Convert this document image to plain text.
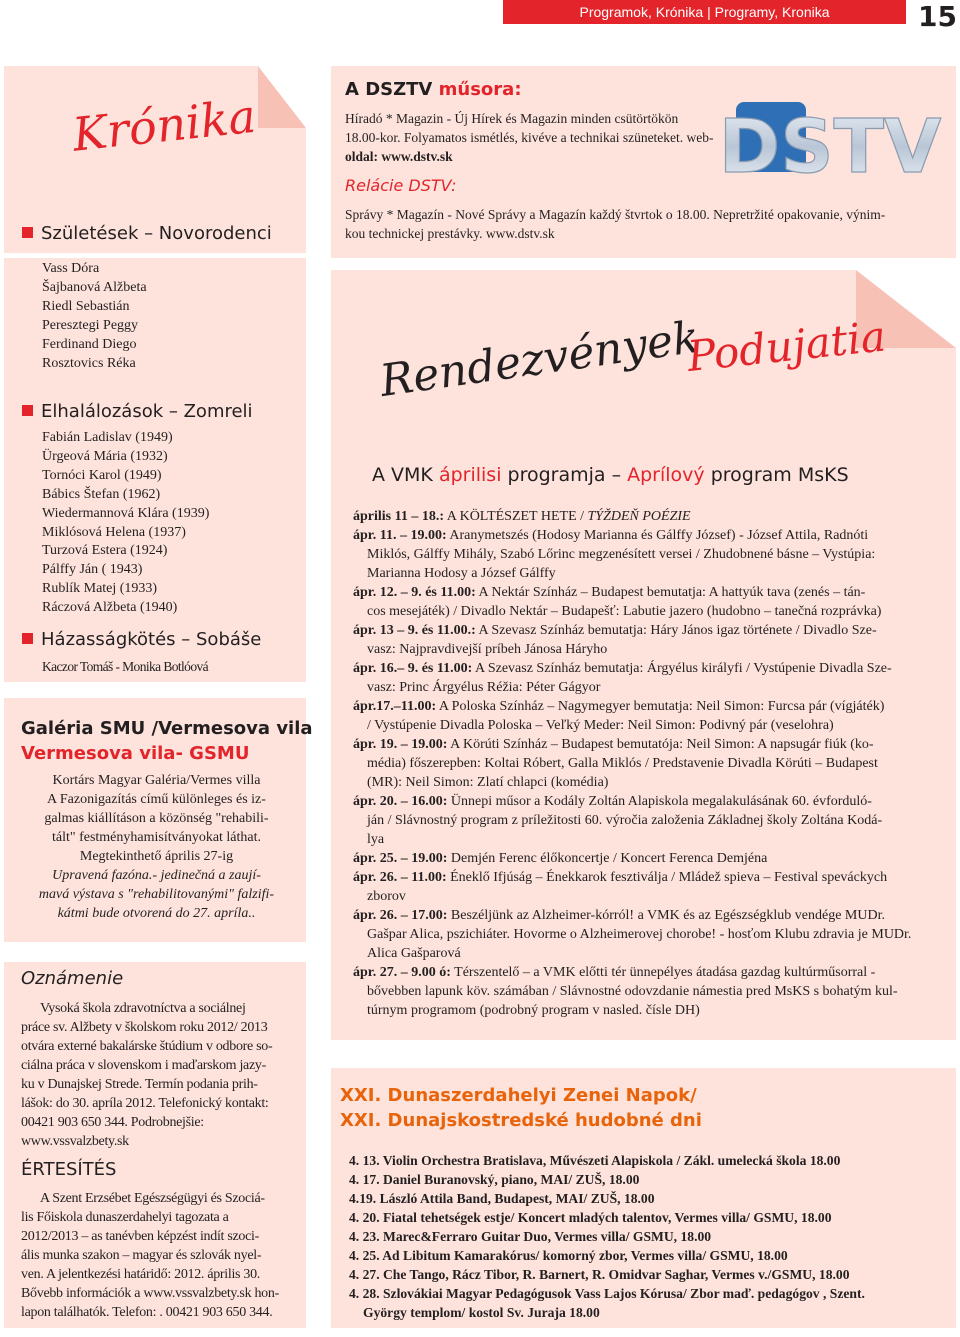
Programok, Krónika | Programy, Kronika	15
Krónika
Születések – Novorodenci
Vass Dóra
Šajbanová Alžbeta
Riedl Sebastián
Peresztegi Peggy
Ferdinand Diego
Rosztovics Réka
Elhalálozások – Zomreli
Fabián Ladislav (1949)
Ürgeová Mária (1932)
Tornóci Karol (1949)
Bábics Štefan (1962)
Wiedermannová Klára (1939)
Miklósová Helena (1937)
Turzová Estera (1924)
Pálffy Ján ( 1943)
Rublík Matej (1933)
Ráczová Alžbeta (1940)
Házasságkötés – Sobáše
Kaczor Tomáš - Monika Botlóová
Galéria SMU /Vermesova vila
Vermesova vila- GSMU
Kortárs Magyar Galéria/Vermes villa
A Fazonigazítás című különleges és iz-
galmas kiállításon a közönség "rehabili-
tált" festményhamisítványokat láthat.
Megtekinthető április 27-ig
Upravená fazóna.- jedinečná a zaují-
mavá výstava s "rehabilitovanými" falzifi-
kátmi bude otvorená do 27. apríla..
Oznámenie
Vysoká škola zdravotníctva a sociálnej
práce sv. Alžbety v školskom roku 2012/ 2013
otvára externé bakalárske štúdium v odbore so-
ciálna práca v slovenskom i maďarskom jazy-
ku v Dunajskej Strede. Termín podania prih-
lášok: do 30. apríla 2012. Telefonický kontakt:
00421 903 650 344. Podrobnejšie:
www.vssvalzbety.sk
ÉRTESÍTÉS
A Szent Erzsébet Egészségügyi és Szociá-
lis Főiskola dunaszerdahelyi tagozata a
2012/2013 – as tanévben képzést indít szoci-
ális munka szakon – magyar és szlovák nyel-
ven. A jelentkezési határidő: 2012. április 30.
Bővebb információk a www.vssvalzbety.sk hon-
lapon találhatók. Telefon: . 00421 903 650 344.
A DSZTV műsora:
Híradó * Magazin - Új Hírek és Magazin minden csütörtökön
18.00-kor. Folyamatos ismétlés, kivéve a technikai szüneteket. web-
oldal: www.dstv.sk
Relácie DSTV:
Správy * Magazín - Nové Správy a Magazín každý štvrtok o 18.00. Nepretržité opakovanie, výnim-
kou technickej prestávky. www.dstv.sk
DSTV
Rendezvények
Podujatia
A VMK áprilisi programja – Aprílový program MsKS
április 11 – 18.: A KÖLTÉSZET HETE / TÝŽDEŇ POÉZIE
ápr. 11. – 19.00: Aranymetszés (Hodosy Marianna és Gálffy József) - József Attila, Radnóti
Miklós, Gálffy Mihály, Szabó Lőrinc megzenésített versei / Zhudobnené básne – Vystúpia:
Marianna Hodosy a József Gálffy
ápr. 12. – 9. és 11.00: A Nektár Színház – Budapest bemutatja: A hattyúk tava (zenés – tán-
cos mesejáték) / Divadlo Nektár – Budapešť: Labutie jazero (hudobno – tanečná rozprávka)
ápr. 13 – 9. és 11.00.: A Szevasz Színház bemutatja: Háry János igaz története / Divadlo Sze-
vasz: Najpravdivejší príbeh Jánosa Háryho
ápr. 16.– 9. és 11.00: A Szevasz Színház bemutatja: Árgyélus királyfi / Vystúpenie Divadla Sze-
vasz: Princ Árgyélus Réžia: Péter Gágyor
ápr.17.–11.00: A Poloska Színház – Nagymegyer bemutatja: Neil Simon: Furcsa pár (vígjáték)
/ Vystúpenie Divadla Poloska – Veľký Meder: Neil Simon: Podivný pár (veselohra)
ápr. 19. – 19.00: A Körúti Színház – Budapest bemutatója: Neil Simon: A napsugár fiúk (ko-
média) főszerepben: Koltai Róbert, Galla Miklós / Predstavenie Divadla Körúti – Budapest
(MR): Neil Simon: Zlatí chlapci (komédia)
ápr. 20. – 16.00: Ünnepi műsor a Kodály Zoltán Alapiskola megalakulásának 60. évforduló-
ján / Slávnostný program z príležitosti 60. výročia založenia Základnej školy Zoltána Kodá-
lya
ápr. 25. – 19.00: Demjén Ferenc élőkoncertje / Koncert Ferenca Demjéna
ápr. 26. – 11.00: Éneklő Ifjúság – Énekkarok fesztiválja / Mládež spieva – Festival speváckych
zborov
ápr. 26. – 17.00: Beszéljünk az Alzheimer-kórról! a VMK és az Egészségklub vendége MUDr.
Gašpar Alica, pszichiáter. Hovorme o Alzheimerovej chorobe! - hosťom Klubu zdravia je MUDr.
Alica Gašparová
ápr. 27. – 9.00 ó: Térszentelő – a VMK előtti tér ünnepélyes átadása gazdag kultúrműsorral -
bővebben lapunk köv. számában / Slávnostné odovzdanie námestia pred MsKS s bohatým kul-
túrnym programom (podrobný program v nasled. čísle DH)
XXI. Dunaszerdahelyi Zenei Napok/
XXI. Dunajskostredské hudobné dni
4. 13. Violin Orchestra Bratislava, Művészeti Alapiskola / Zákl. umelecká škola 18.00
4. 17. Daniel Buranovský, piano, MAI/ ZUŠ, 18.00
4.19. László Attila Band, Budapest, MAI/ ZUŠ, 18.00
4. 20. Fiatal tehetségek estje/ Koncert mladých talentov, Vermes villa/ GSMU, 18.00
4. 23. Marec&Ferraro Guitar Duo, Vermes villa/ GSMU, 18.00
4. 25. Ad Libitum Kamarakórus/ komorný zbor, Vermes villa/ GSMU, 18.00
4. 27. Che Tango, Rácz Tibor, R. Barnert, R. Omidvar Saghar, Vermes v./GSMU, 18.00
4. 28. Szlovákiai Magyar Pedagógusok Vass Lajos Kórusa/ Zbor maď. pedagógov , Szent.
György templom/ kostol Sv. Juraja 18.00
